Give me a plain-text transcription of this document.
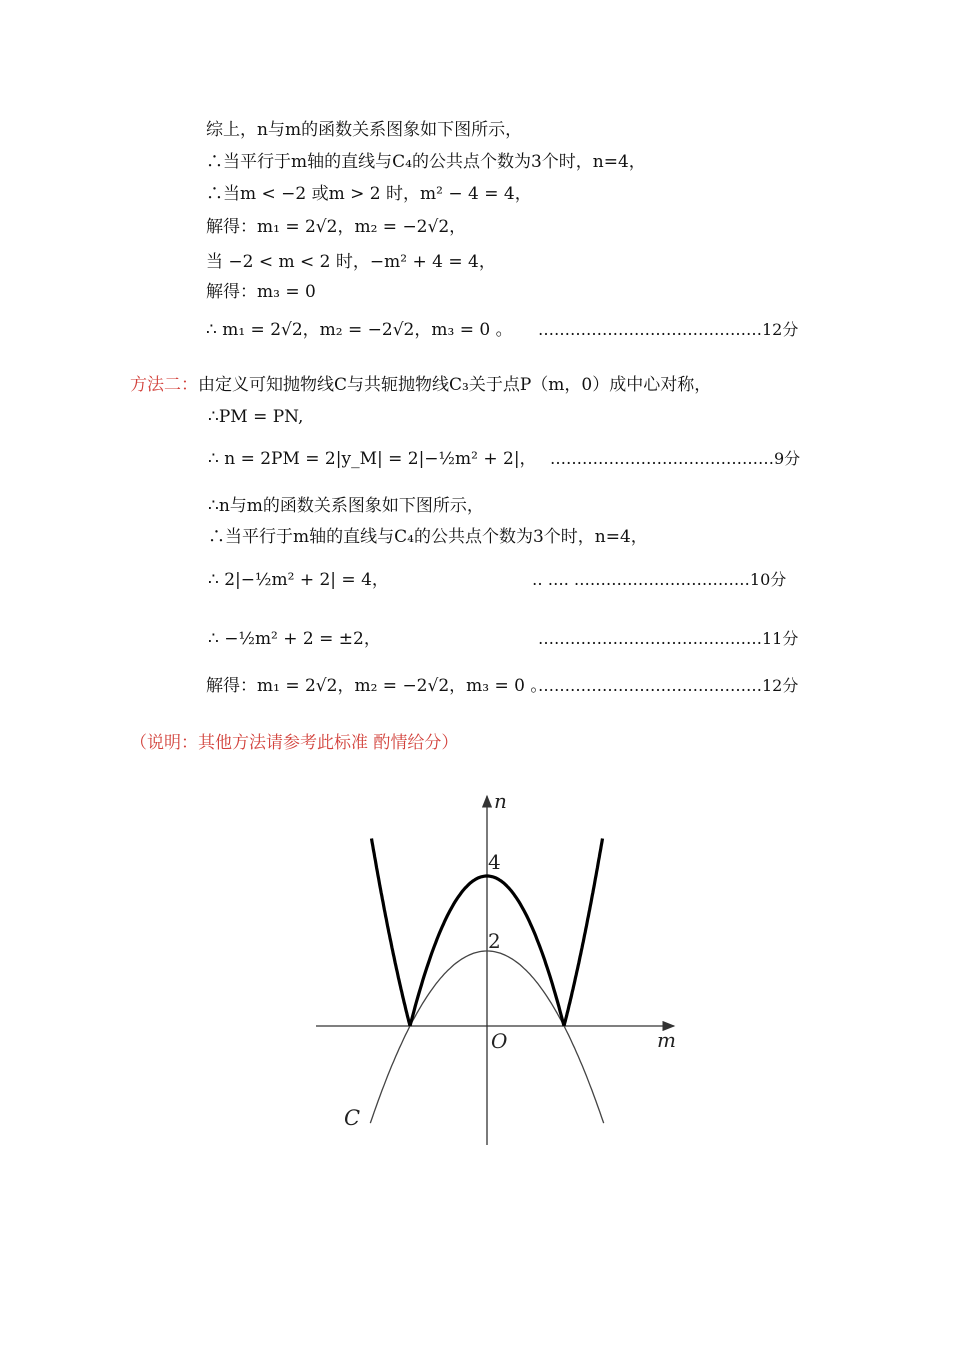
综上，n与m的函数关系图象如下图所示，
∴当平行于m轴的直线与C₄的公共点个数为3个时，n=4，
∴当m < −2 或m > 2 时，m² − 4 = 4，
解得：m₁ = 2√2，m₂ = −2√2，
当 −2 < m < 2 时，−m² + 4 = 4，
解得：m₃ = 0
∴ m₁ = 2√2，m₂ = −2√2，m₃ = 0 。 ……………………………………12分
方法二：由定义可知抛物线C与共轭抛物线C₃关于点P（m，0）成中心对称，
∴PM = PN,
∴ n = 2PM = 2|y_M| = 2|−½m² + 2|， ……………………………………9分
∴n与m的函数关系图象如下图所示，
∴当平行于m轴的直线与C₄的公共点个数为3个时，n=4，
∴ 2|−½m² + 2| = 4，	‥ …. ……………………………10分
∴ −½m² + 2 = ±2，	……………………………………11分
解得：m₁ = 2√2，m₂ = −2√2，m₃ = 0 。
……………………………………12分
（说明：其他方法请参考此标准 酌情给分）
n
m
O
4
2
C
